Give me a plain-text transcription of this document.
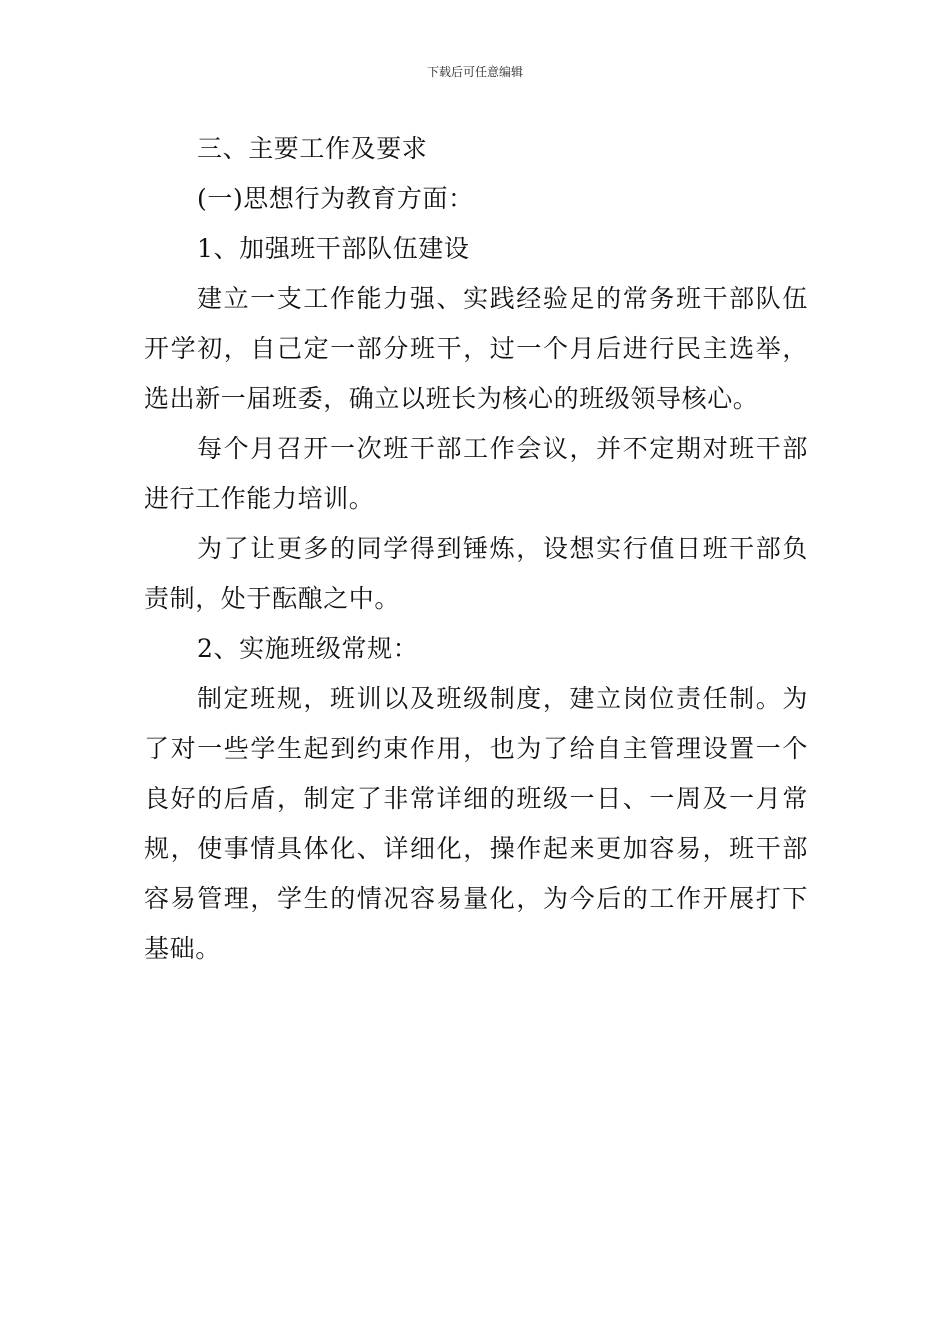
下载后可任意编辑

三、主要工作及要求

(一)思想行为教育方面：

1、加强班干部队伍建设

建立一支工作能力强、实践经验足的常务班干部队伍开学初，自己定一部分班干，过一个月后进行民主选举，选出新一届班委，确立以班长为核心的班级领导核心。

每个月召开一次班干部工作会议，并不定期对班干部进行工作能力培训。

为了让更多的同学得到锤炼，设想实行值日班干部负责制，处于酝酿之中。

2、实施班级常规：

制定班规，班训以及班级制度，建立岗位责任制。为了对一些学生起到约束作用，也为了给自主管理设置一个良好的后盾，制定了非常详细的班级一日、一周及一月常规，使事情具体化、详细化，操作起来更加容易，班干部容易管理，学生的情况容易量化，为今后的工作开展打下基础。
